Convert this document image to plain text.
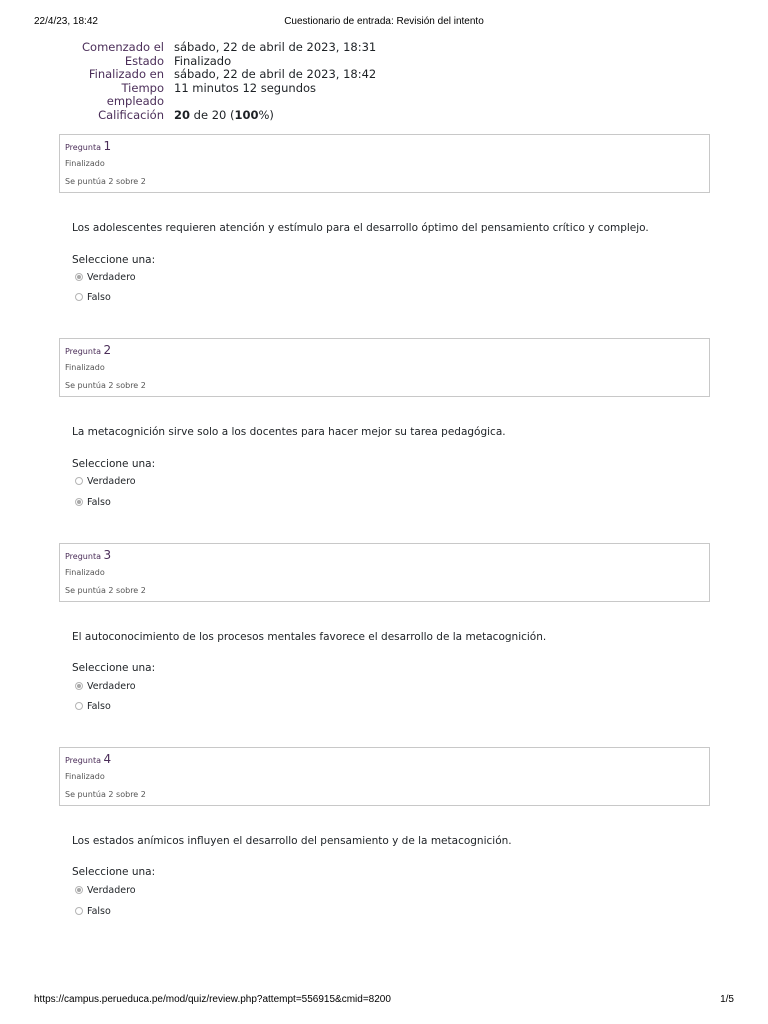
22/4/23, 18:42	Cuestionario de entrada: Revisión del intento
Comenzado el sábado, 22 de abril de 2023, 18:31
Estado Finalizado
Finalizado en sábado, 22 de abril de 2023, 18:42
Tiempo
empleado
11 minutos 12 segundos
Calificación 20 de 20 (100%)
Pregunta 1
Finalizado
Se puntúa 2 sobre 2
Los adolescentes requieren atención y estímulo para el desarrollo óptimo del pensamiento crítico y complejo.
Seleccione una:
Verdadero
Falso
Pregunta 2
Finalizado
Se puntúa 2 sobre 2
La metacognición sirve solo a los docentes para hacer mejor su tarea pedagógica.
Seleccione una:
Verdadero
Falso
Pregunta 3
Finalizado
Se puntúa 2 sobre 2
El autoconocimiento de los procesos mentales favorece el desarrollo de la metacognición.
Seleccione una:
Verdadero
Falso
Pregunta 4
Finalizado
Se puntúa 2 sobre 2
Los estados anímicos influyen el desarrollo del pensamiento y de la metacognición.
Seleccione una:
Verdadero
Falso
https://campus.perueduca.pe/mod/quiz/review.php?attempt=556915&cmid=8200	1/5
